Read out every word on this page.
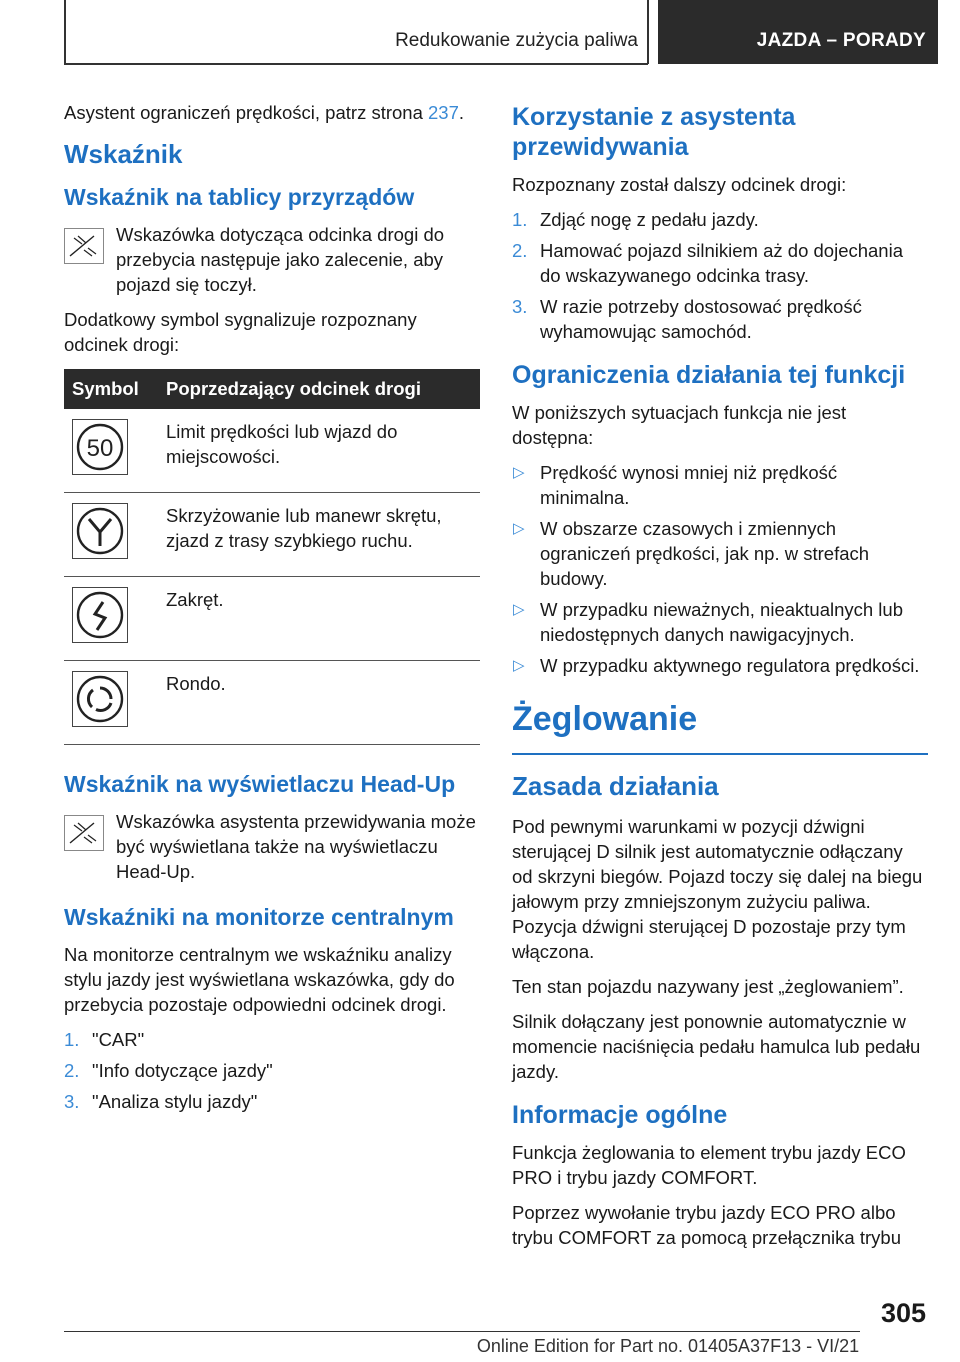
Redukowanie zużycia paliwa	JAZDA – PORADY

Asystent ograniczeń prędkości, patrz strona 237.

Wskaźnik
Wskaźnik na tablicy przyrządów

Wskazówka dotycząca odcinka drogi do przebycia następuje jako zalecenie, aby pojazd się toczył.

Dodatkowy symbol sygnalizuje rozpoznany odcinek drogi:

Symbol	Poprzedzający odcinek drogi

50	Limit prędkości lub wjazd do miejscowości.

	Skrzyżowanie lub manewr skrętu, zjazd z trasy szybkiego ruchu.

	Zakręt.

	Rondo.
Wskaźnik na wyświetlaczu Head-Up

Wskazówka asystenta przewidywania może być wyświetlana także na wyświetlaczu Head-Up.

Wskaźniki na monitorze centralnym

Na monitorze centralnym we wskaźniku analizy stylu jazdy jest wyświetlana wskazówka, gdy do przebycia pozostaje odpowiedni odcinek drogi.

1. "CAR"
2. "Info dotyczące jazdy"
3. "Analiza stylu jazdy"
Korzystanie z asystenta przewidywania

Rozpoznany został dalszy odcinek drogi:

1. Zdjąć nogę z pedału jazdy.
2. Hamować pojazd silnikiem aż do dojechania do wskazywanego odcinka trasy.
3. W razie potrzeby dostosować prędkość wyhamowując samochód.
Ograniczenia działania tej funkcji

W poniższych sytuacjach funkcja nie jest dostępna:

▷ Prędkość wynosi mniej niż prędkość minimalna.
▷ W obszarze czasowych i zmiennych ograniczeń prędkości, jak np. w strefach budowy.
▷ W przypadku nieważnych, nieaktualnych lub niedostępnych danych nawigacyjnych.
▷ W przypadku aktywnego regulatora prędkości.
Żeglowanie
Zasada działania

Pod pewnymi warunkami w pozycji dźwigni sterującej D silnik jest automatycznie odłączany od skrzyni biegów. Pojazd toczy się dalej na biegu jałowym przy zmniejszonym zużyciu paliwa. Pozycja dźwigni sterującej D pozostaje przy tym włączona.

Ten stan pojazdu nazywany jest „żeglowaniem”.

Silnik dołączany jest ponownie automatycznie w momencie naciśnięcia pedału hamulca lub pedału jazdy.

Informacje ogólne

Funkcja żeglowania to element trybu jazdy ECO PRO i trybu jazdy COMFORT.

Poprzez wywołanie trybu jazdy ECO PRO albo trybu COMFORT za pomocą przełącznika trybu

305
Online Edition for Part no. 01405A37F13 - VI/21
